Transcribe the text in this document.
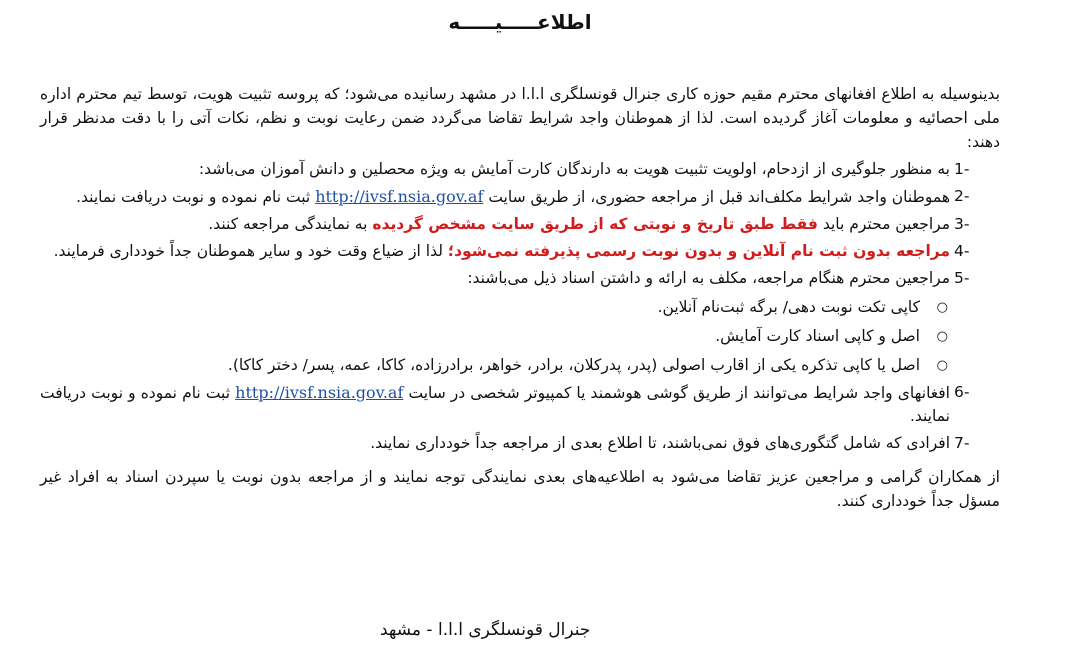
اطلاعـــــیـــــه
بدینوسیله به اطلاع افغانهای محترم مقیم حوزه کاری جنرال قونسلگری ا.ا.ا در مشهد رسانیده می‌شود؛ که پروسه تثبیت هویت، توسط تیم محترم اداره ملی احصائیه و معلومات آغاز گردیده است. لذا از هموطنان واجد شرایط تقاضا می‌گردد ضمن رعایت نوبت و نظم، نکات آتی را با دقت مدنظر قرار دهند:
-1
به منظور جلوگیری از ازدحام، اولویت تثبیت هویت به دارندگان کارت آمایش به ویژه محصلین و دانش آموزان می‌باشد:
-2
هموطنان واجد شرایط مکلف‌اند قبل از مراجعه حضوری، از طریق سایت http://ivsf.nsia.gov.af ثبت نام نموده و نوبت دریافت نمایند.
-3
مراجعین محترم باید فقط طبق تاریخ و نوبتی که از طریق سایت مشخص گردیده به نمایندگی مراجعه کنند.
-4
مراجعه بدون ثبت نام آنلاین و بدون نوبت رسمی پذیرفته نمی‌شود؛ لذا از ضیاع وقت خود و سایر هموطنان جداً خودداری فرمایند.
-5
مراجعین محترم هنگام مراجعه، مکلف به ارائه و داشتن اسناد ذیل می‌باشند:
○
کاپی تکت نوبت دهی/ برگه ثبت‌نام آنلاین.
○
اصل و کاپی اسناد کارت آمایش.
○
اصل یا کاپی تذکره یکی از اقارب اصولی (پدر، پدرکلان، برادر، خواهر، برادرزاده، کاکا، عمه، پسر/ دختر کاکا).
-6
افغانهای واجد شرایط می‌توانند از طریق گوشی هوشمند یا کمپیوتر شخصی در سایت http://ivsf.nsia.gov.af ثبت نام نموده و نوبت دریافت نمایند.
-7
افرادی که شامل گتگوری‌های فوق نمی‌باشند، تا اطلاع بعدی از مراجعه جداً خودداری نمایند.
از همکاران گرامی و مراجعین عزیز تقاضا می‌شود به اطلاعیه‌های بعدی نمایندگی توجه نمایند و از مراجعه بدون نوبت یا سپردن اسناد به افراد غیر مسؤل جداً خودداری کنند.
جنرال قونسلگری ا.ا.ا - مشهد
